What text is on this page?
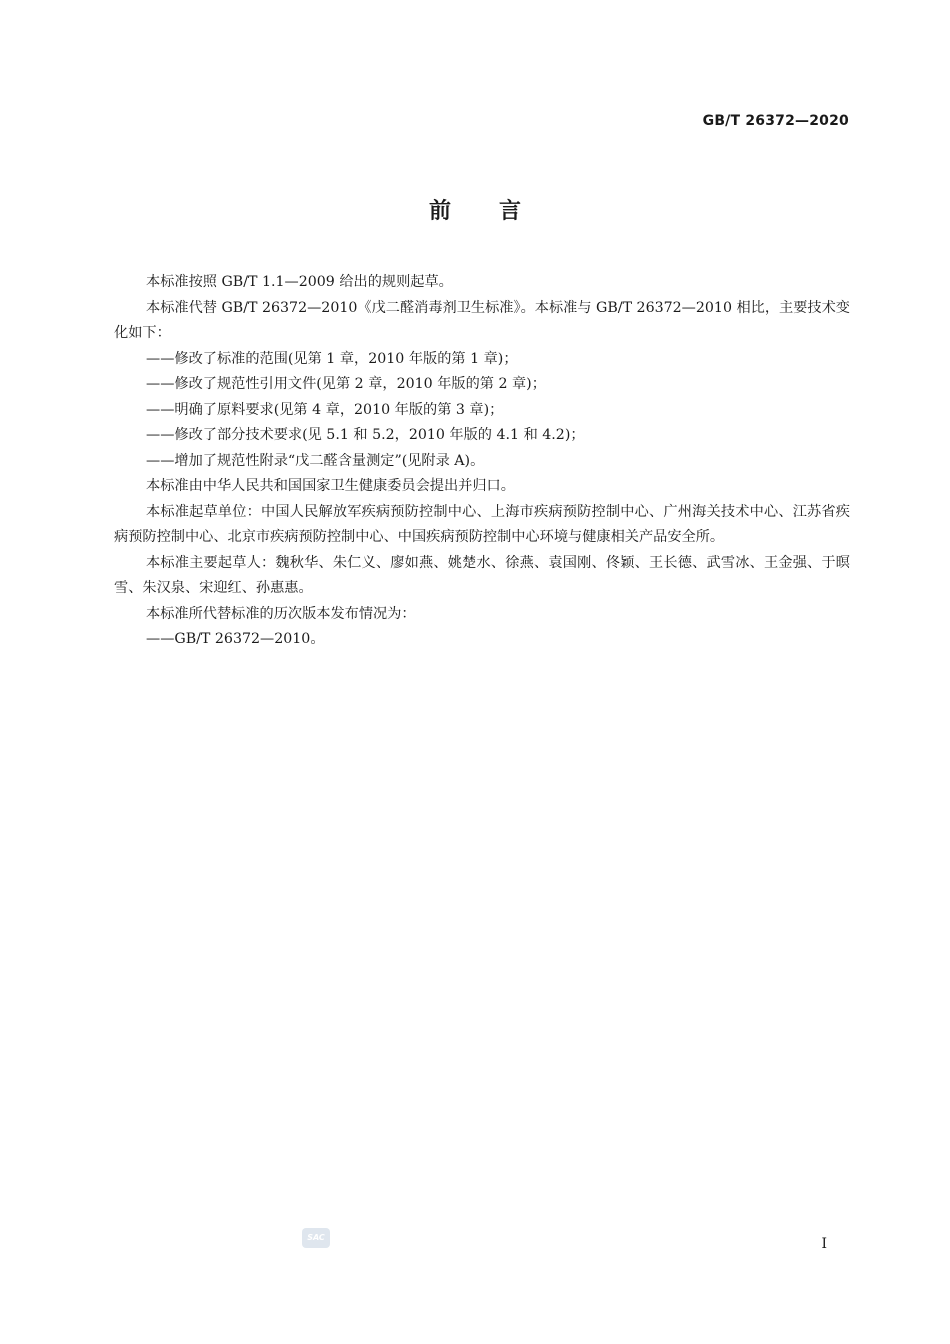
GB/T 26372—2020
前言

本标准按照 GB/T 1.1—2009 给出的规则起草。

本标准代替 GB/T 26372—2010《戊二醛消毒剂卫生标准》。本标准与 GB/T 26372—2010 相比，主要技术变化如下：

——修改了标准的范围(见第 1 章，2010 年版的第 1 章)；

——修改了规范性引用文件(见第 2 章，2010 年版的第 2 章)；

——明确了原料要求(见第 4 章，2010 年版的第 3 章)；

——修改了部分技术要求(见 5.1 和 5.2，2010 年版的 4.1 和 4.2)；

——增加了规范性附录“戊二醛含量测定”(见附录 A)。

本标准由中华人民共和国国家卫生健康委员会提出并归口。

本标准起草单位：中国人民解放军疾病预防控制中心、上海市疾病预防控制中心、广州海关技术中心、江苏省疾病预防控制中心、北京市疾病预防控制中心、中国疾病预防控制中心环境与健康相关产品安全所。

本标准主要起草人：魏秋华、朱仁义、廖如燕、姚楚水、徐燕、袁国刚、佟颖、王长德、武雪冰、王金强、于暝雪、朱汉泉、宋迎红、孙惠惠。

本标准所代替标准的历次版本发布情况为：

——GB/T 26372—2010。

SAC	I
